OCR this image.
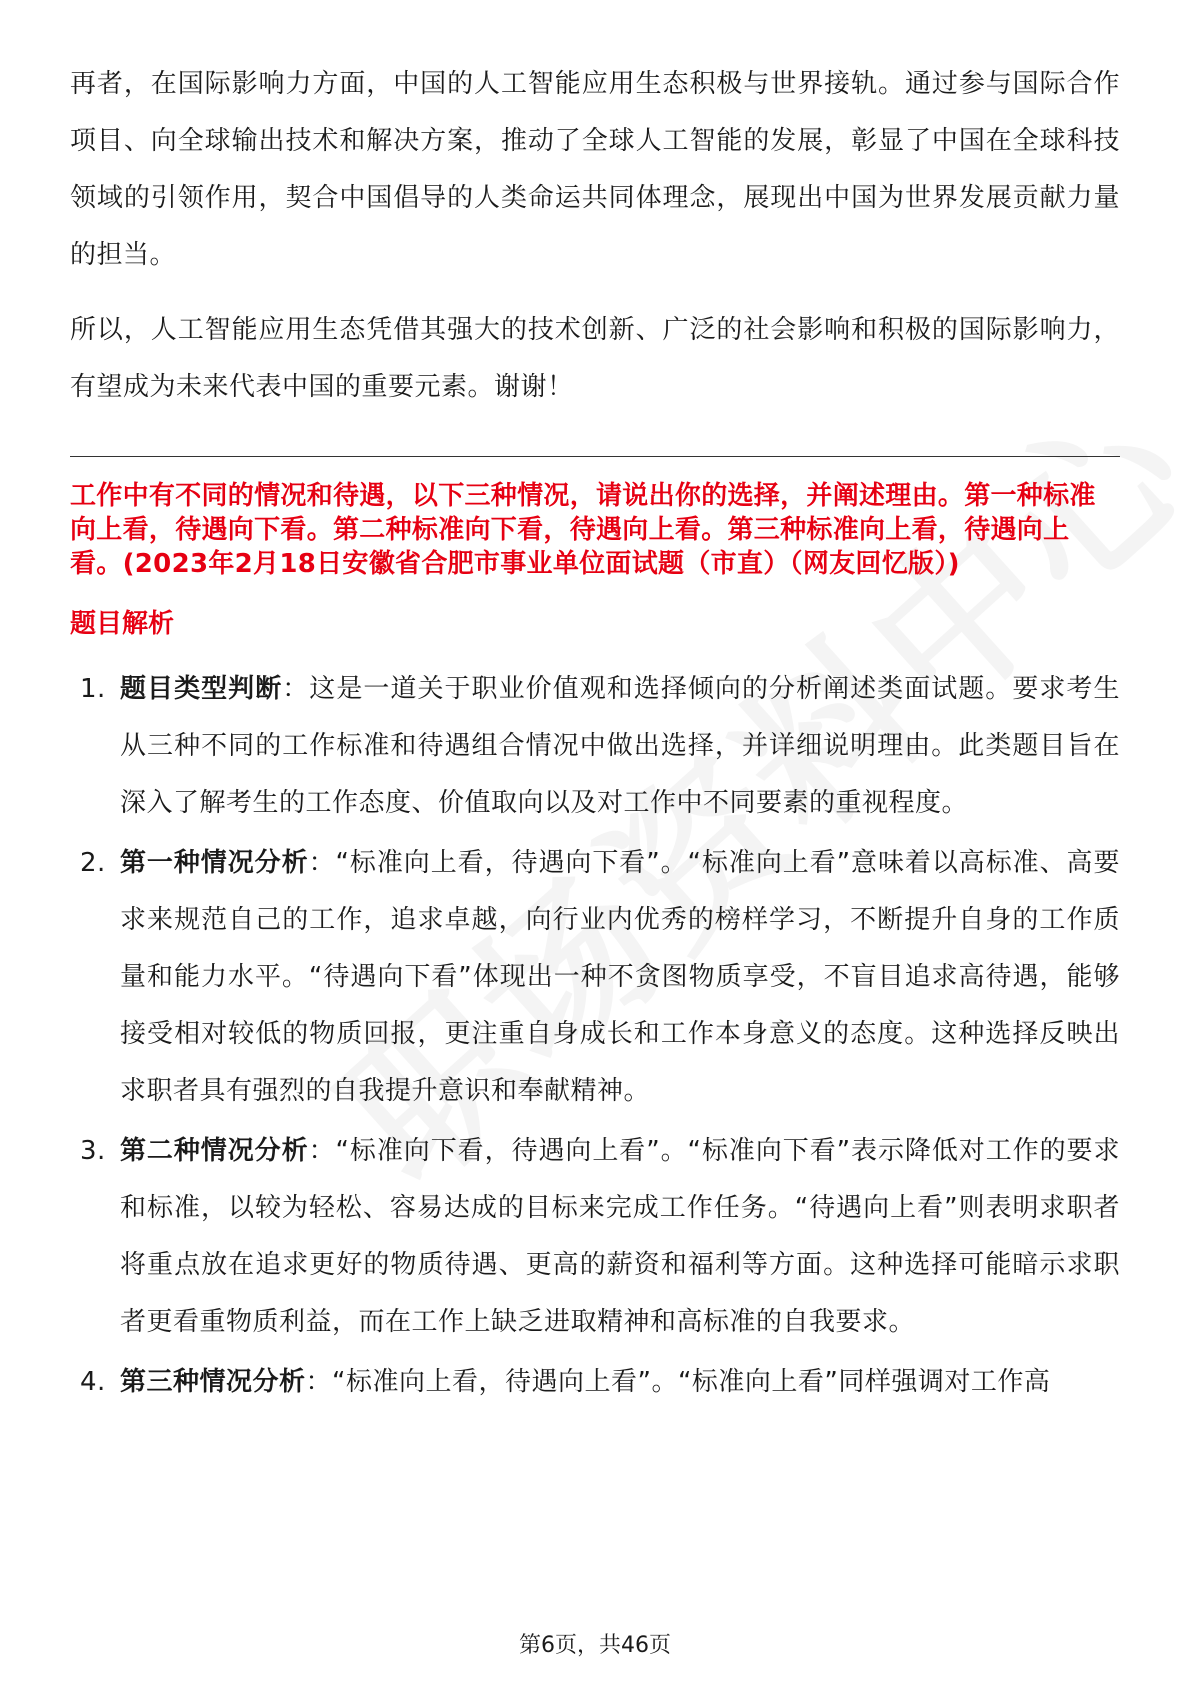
再者，在国际影响力方面，中国的人工智能应用生态积极与世界接轨。通过参与国际合作项目、向全球输出技术和解决方案，推动了全球人工智能的发展，彰显了中国在全球科技领域的引领作用，契合中国倡导的人类命运共同体理念，展现出中国为世界发展贡献力量的担当。

所以，人工智能应用生态凭借其强大的技术创新、广泛的社会影响和积极的国际影响力，有望成为未来代表中国的重要元素。谢谢！

工作中有不同的情况和待遇，以下三种情况，请说出你的选择，并阐述理由。第一种标准向上看，待遇向下看。第二种标准向下看，待遇向上看。第三种标准向上看，待遇向上看。(2023年2月18日安徽省合肥市事业单位面试题（市直）（网友回忆版）)

题目解析
1. 题目类型判断：这是一道关于职业价值观和选择倾向的分析阐述类面试题。要求考生从三种不同的工作标准和待遇组合情况中做出选择，并详细说明理由。此类题目旨在深入了解考生的工作态度、价值取向以及对工作中不同要素的重视程度。
2. 第一种情况分析：“标准向上看，待遇向下看”。“标准向上看”意味着以高标准、高要求来规范自己的工作，追求卓越，向行业内优秀的榜样学习，不断提升自身的工作质量和能力水平。“待遇向下看”体现出一种不贪图物质享受，不盲目追求高待遇，能够接受相对较低的物质回报，更注重自身成长和工作本身意义的态度。这种选择反映出求职者具有强烈的自我提升意识和奉献精神。
3. 第二种情况分析：“标准向下看，待遇向上看”。“标准向下看”表示降低对工作的要求和标准，以较为轻松、容易达成的目标来完成工作任务。“待遇向上看”则表明求职者将重点放在追求更好的物质待遇、更高的薪资和福利等方面。这种选择可能暗示求职者更看重物质利益，而在工作上缺乏进取精神和高标准的自我要求。
4. 第三种情况分析：“标准向上看，待遇向上看”。“标准向上看”同样强调对工作高
第6页，共46页
